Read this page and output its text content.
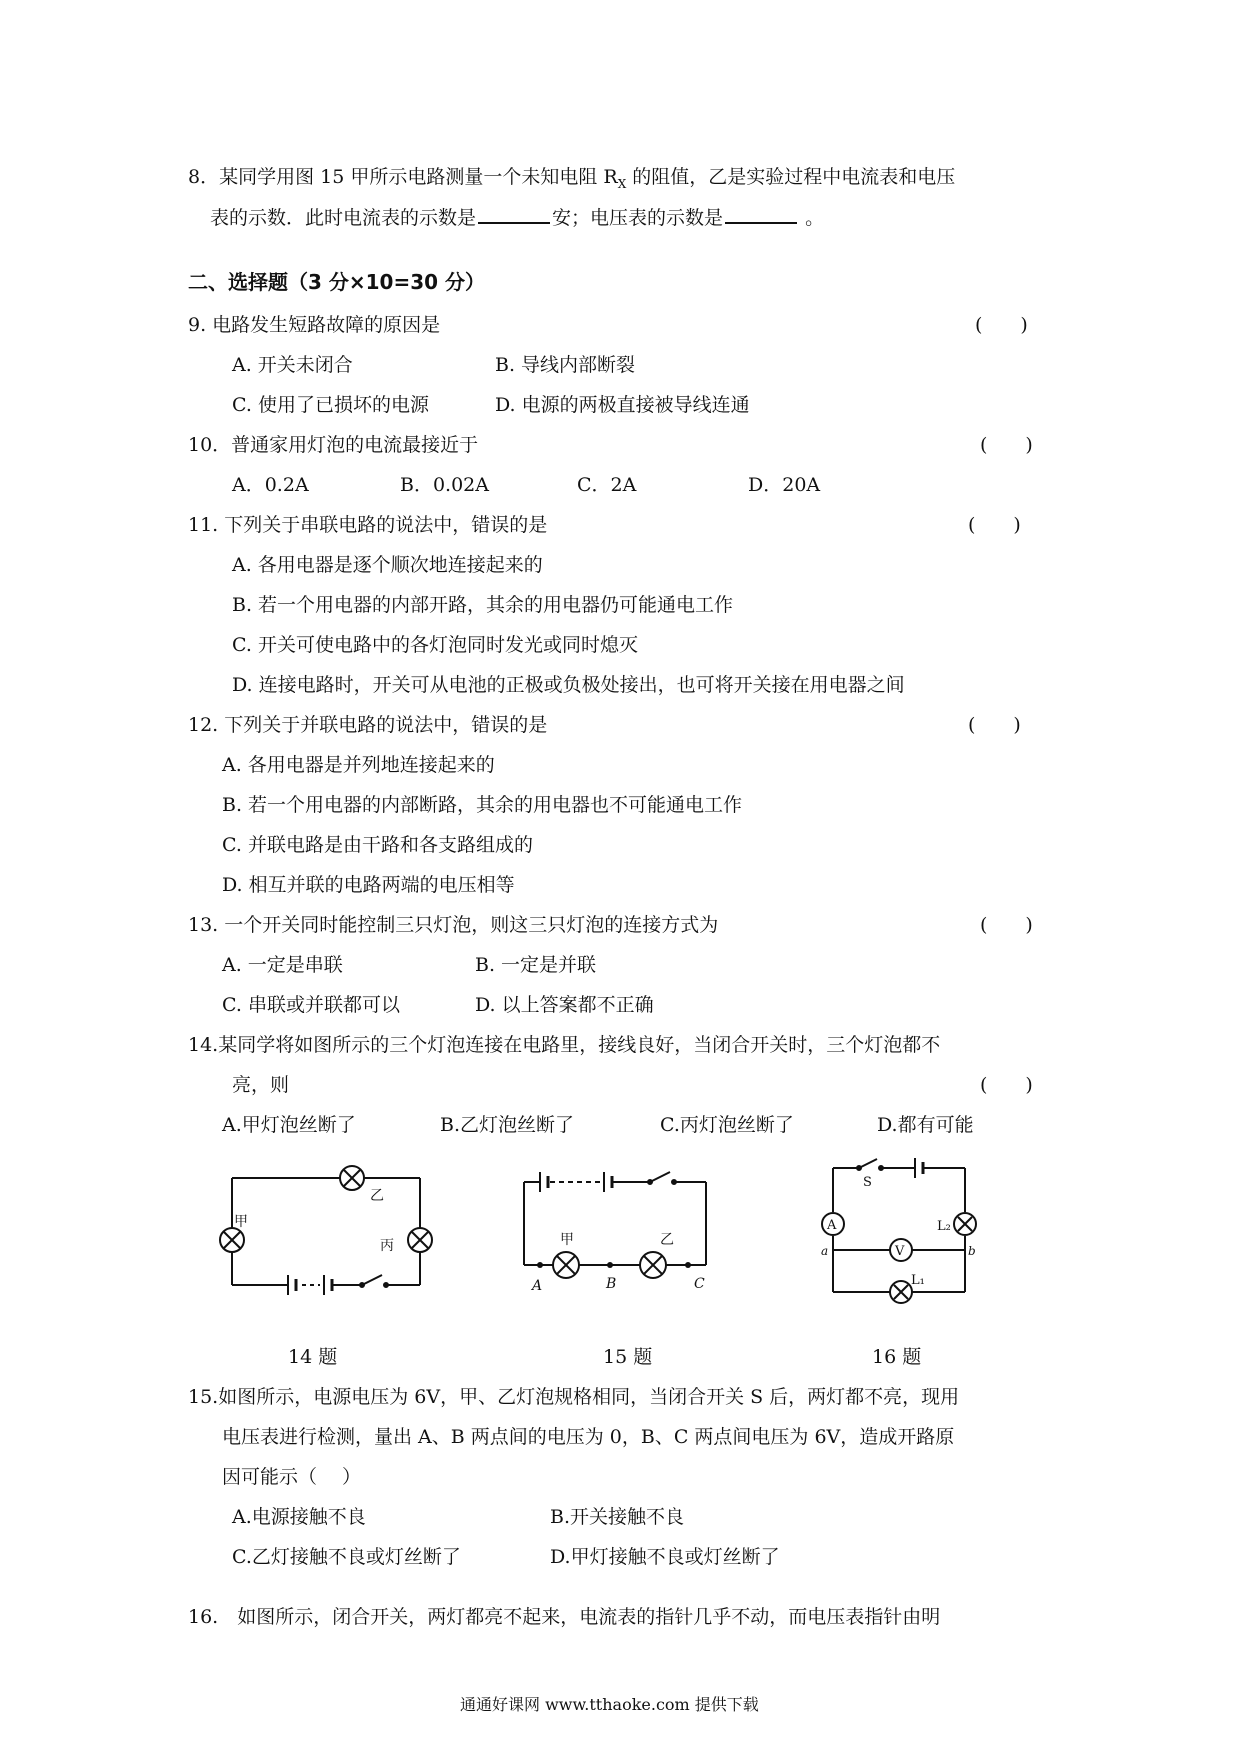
8．某同学用图 15 甲所示电路测量一个未知电阻 $R_X$ 的阻值，乙是实验过程中电流表和电压
表的示数．此时电流表的示数是	安；电压表的示数是	。
二、选择题（3 分×10=30 分）
9. 电路发生短路故障的原因是	(　　)
A. 开关未闭合	B. 导线内部断裂
C. 使用了已损坏的电源	D. 电源的两极直接被导线连通
10．普通家用灯泡的电流最接近于	(　　)
A．0.2A	B．0.02A	C．2A	D．20A
11. 下列关于串联电路的说法中，错误的是	(　　)
A. 各用电器是逐个顺次地连接起来的
B. 若一个用电器的内部开路，其余的用电器仍可能通电工作
C. 开关可使电路中的各灯泡同时发光或同时熄灭
D. 连接电路时，开关可从电池的正极或负极处接出，也可将开关接在用电器之间
12. 下列关于并联电路的说法中，错误的是	(　　)
A. 各用电器是并列地连接起来的
B. 若一个用电器的内部断路，其余的用电器也不可能通电工作
C. 并联电路是由干路和各支路组成的
D. 相互并联的电路两端的电压相等
13. 一个开关同时能控制三只灯泡，则这三只灯泡的连接方式为	(　　)
A. 一定是串联	B. 一定是并联
C. 串联或并联都可以	D. 以上答案都不正确
14.某同学将如图所示的三个灯泡连接在电路里，接线良好，当闭合开关时，三个灯泡都不
亮，则	(　　)
A.甲灯泡丝断了	B.乙灯泡丝断了	C.丙灯泡丝断了	D.都有可能
甲
乙
丙	甲	乙
A	B	C
A
V
S
L₂
L₁
a	b
14 题	15 题	16 题
15.如图所示，电源电压为 6V，甲、乙灯泡规格相同，当闭合开关 S 后，两灯都不亮，现用
电压表进行检测，量出 A、B 两点间的电压为 0，B、C 两点间电压为 6V，造成开路原
因可能示（　 ）
A.电源接触不良	B.开关接触不良
C.乙灯接触不良或灯丝断了	D.甲灯接触不良或灯丝断了
16.　如图所示，闭合开关，两灯都亮不起来，电流表的指针几乎不动，而电压表指针由明
通通好课网 www.tthaoke.com 提供下载
